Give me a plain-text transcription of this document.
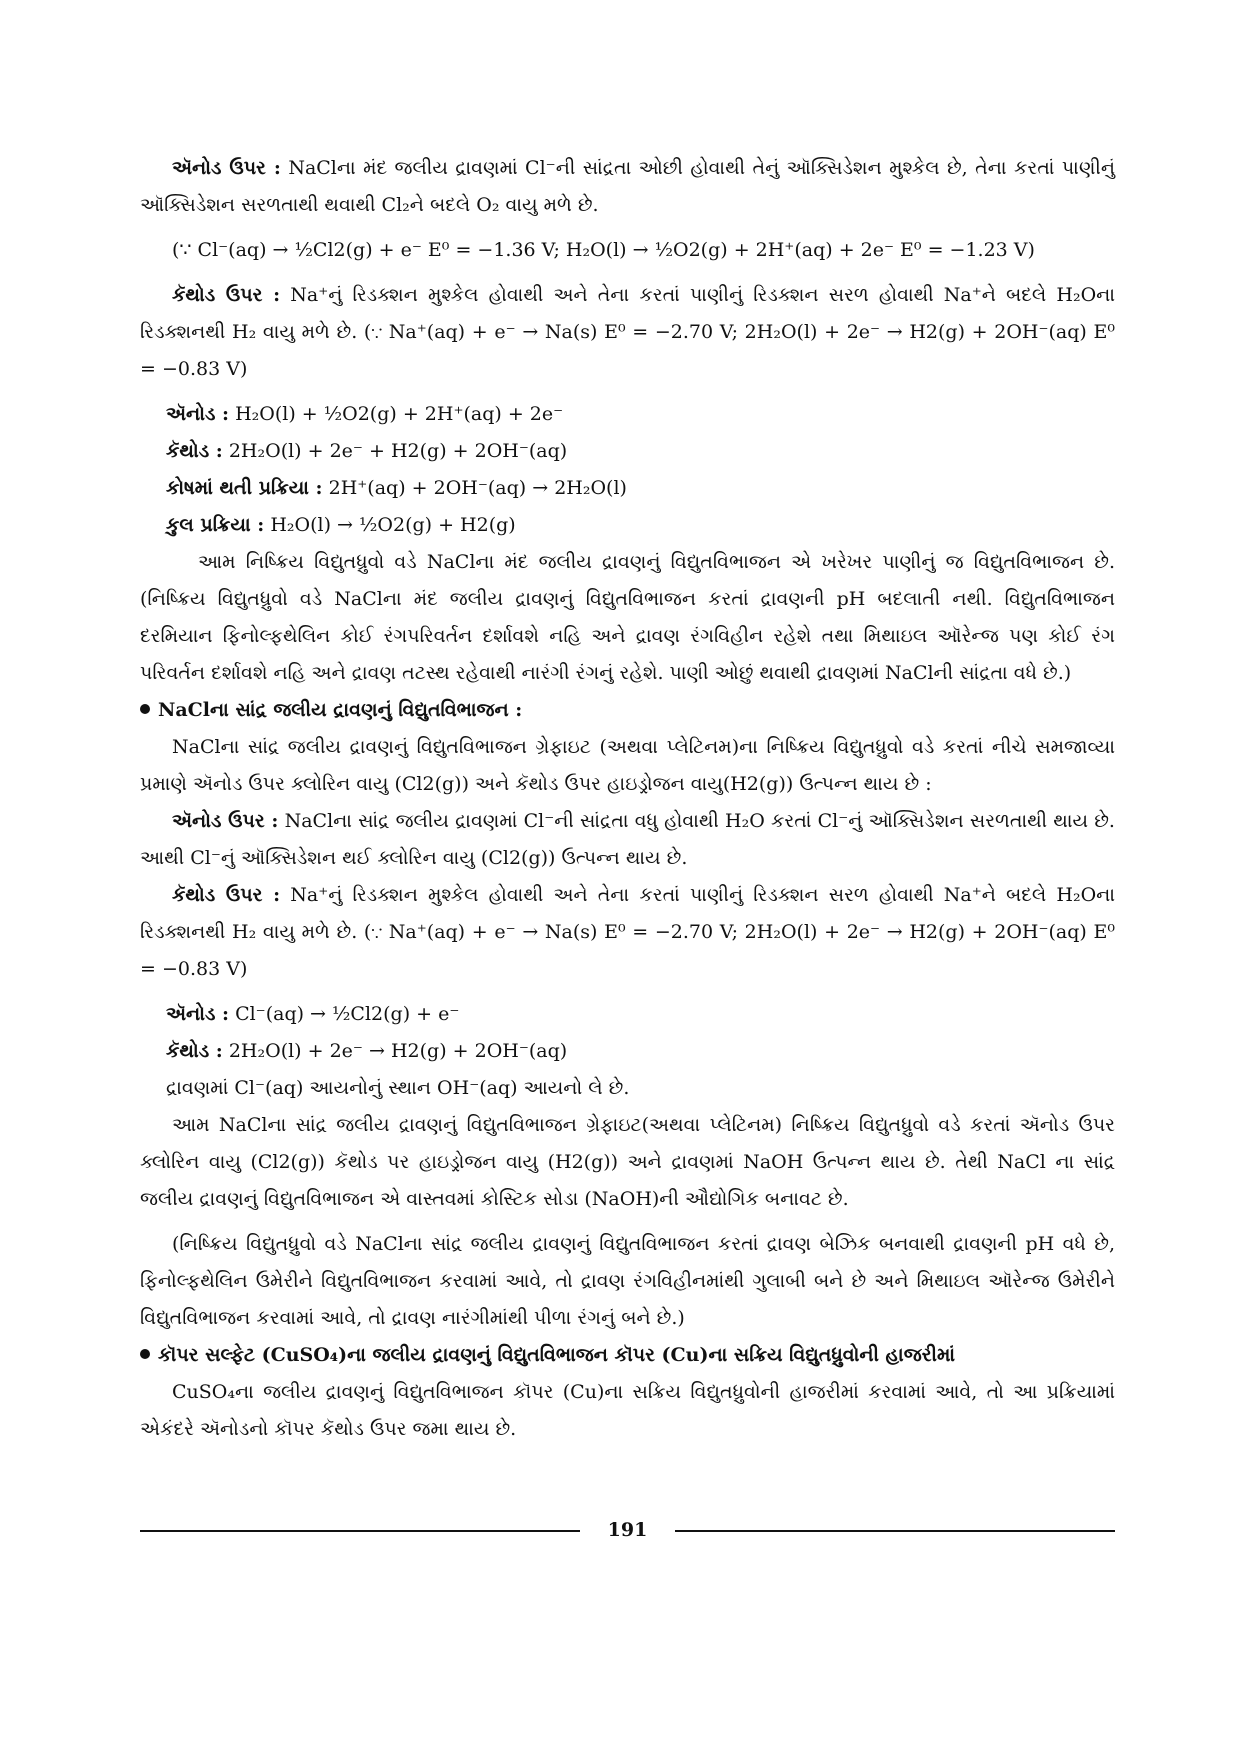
ઍનોડ ઉપર : NaClના મંદ જલીય દ્રાવણમાં Cl⁻ની સાંદ્રતા ઓછી હોવાથી તેનું ઑક્સિડેશન મુશ્કેલ છે, તેના કરતાં પાણીનું ઑક્સિડેશન સરળતાથી થવાથી Cl₂ને બદલે O₂ વાયુ મળે છે.

(∵ Cl⁻(aq) → ½Cl2(g) + e⁻ E⁰ = −1.36 V; H₂O(l) → ½O2(g) + 2H⁺(aq) + 2e⁻ E⁰ = −1.23 V)

કૅથોડ ઉપર : Na⁺નું રિડક્શન મુશ્કેલ હોવાથી અને તેના કરતાં પાણીનું રિડક્શન સરળ હોવાથી Na⁺ને બદલે H₂Oના રિડક્શનથી H₂ વાયુ મળે છે. (∵ Na⁺(aq) + e⁻ → Na(s) E⁰ = −2.70 V; 2H₂O(l) + 2e⁻ → H2(g) + 2OH⁻(aq) E⁰ = −0.83 V)

ઍનોડ : H₂O(l) + ½O2(g) + 2H⁺(aq) + 2e⁻

કૅથોડ : 2H₂O(l) + 2e⁻ + H2(g) + 2OH⁻(aq)

કોષમાં થતી પ્રક્રિયા : 2H⁺(aq) + 2OH⁻(aq) → 2H₂O(l)

કુલ પ્રક્રિયા : H₂O(l) → ½O2(g) + H2(g)

આમ નિષ્ક્રિય વિદ્યુતધ્રુવો વડે NaClના મંદ જલીય દ્રાવણનું વિદ્યુતવિભાજન એ ખરેખર પાણીનું જ વિદ્યુતવિભાજન છે. (નિષ્ક્રિય વિદ્યુતધ્રુવો વડે NaClના મંદ જલીય દ્રાવણનું વિદ્યુતવિભાજન કરતાં દ્રાવણની pH બદલાતી નથી. વિદ્યુતવિભાજન દરમિયાન ફિનોલ્ફથેલિન કોઈ રંગપરિવર્તન દર્શાવશે નહિ અને દ્રાવણ રંગવિહીન રહેશે તથા મિથાઇલ ઑરેન્જ પણ કોઈ રંગ પરિવર્તન દર્શાવશે નહિ અને દ્રાવણ તટસ્થ રહેવાથી નારંગી રંગનું રહેશે. પાણી ઓછું થવાથી દ્રાવણમાં NaClની સાંદ્રતા વધે છે.)

NaClના સાંદ્ર જલીય દ્રાવણનું વિદ્યુતવિભાજન :

NaClના સાંદ્ર જલીય દ્રાવણનું વિદ્યુતવિભાજન ગ્રેફાઇટ (અથવા પ્લેટિનમ)ના નિષ્ક્રિય વિદ્યુતધ્રુવો વડે કરતાં નીચે સમજાવ્યા પ્રમાણે ઍનોડ ઉપર ક્લોરિન વાયુ (Cl2(g)) અને કૅથોડ ઉપર હાઇડ્રોજન વાયુ(H2(g)) ઉત્પન્ન થાય છે :

ઍનોડ ઉપર : NaClના સાંદ્ર જલીય દ્રાવણમાં Cl⁻ની સાંદ્રતા વધુ હોવાથી H₂O કરતાં Cl⁻નું ઑક્સિડેશન સરળતાથી થાય છે. આથી Cl⁻નું ઑક્સિડેશન થઈ ક્લોરિન વાયુ (Cl2(g)) ઉત્પન્ન થાય છે.

કૅથોડ ઉપર : Na⁺નું રિડક્શન મુશ્કેલ હોવાથી અને તેના કરતાં પાણીનું રિડક્શન સરળ હોવાથી Na⁺ને બદલે H₂Oના રિડક્શનથી H₂ વાયુ મળે છે. (∵ Na⁺(aq) + e⁻ → Na(s) E⁰ = −2.70 V; 2H₂O(l) + 2e⁻ → H2(g) + 2OH⁻(aq) E⁰ = −0.83 V)

ઍનોડ : Cl⁻(aq) → ½Cl2(g) + e⁻

કૅથોડ : 2H₂O(l) + 2e⁻ → H2(g) + 2OH⁻(aq)

દ્રાવણમાં Cl⁻(aq) આયનોનું સ્થાન OH⁻(aq) આયનો લે છે.

આમ NaClના સાંદ્ર જલીય દ્રાવણનું વિદ્યુતવિભાજન ગ્રેફાઇટ(અથવા પ્લેટિનમ) નિષ્ક્રિય વિદ્યુતધ્રુવો વડે કરતાં ઍનોડ ઉપર ક્લોરિન વાયુ (Cl2(g)) કૅથોડ પર હાઇડ્રોજન વાયુ (H2(g)) અને દ્રાવણમાં NaOH ઉત્પન્ન થાય છે. તેથી NaCl ના સાંદ્ર જલીય દ્રાવણનું વિદ્યુતવિભાજન એ વાસ્તવમાં કોસ્ટિક સોડા (NaOH)ની ઔદ્યોગિક બનાવટ છે.

(નિષ્ક્રિય વિદ્યુતધ્રુવો વડે NaClના સાંદ્ર જલીય દ્રાવણનું વિદ્યુતવિભાજન કરતાં દ્રાવણ બેઝિક બનવાથી દ્રાવણની pH વધે છે, ફિનોલ્ફથેલિન ઉમેરીને વિદ્યુતવિભાજન કરવામાં આવે, તો દ્રાવણ રંગવિહીનમાંથી ગુલાબી બને છે અને મિથાઇલ ઑરેન્જ ઉમેરીને વિદ્યુતવિભાજન કરવામાં આવે, તો દ્રાવણ નારંગીમાંથી પીળા રંગનું બને છે.)

કૉપર સલ્ફેટ (CuSO₄)ના જલીય દ્રાવણનું વિદ્યુતવિભાજન કૉપર (Cu)ના સક્રિય વિદ્યુતધ્રુવોની હાજરીમાં

CuSO₄ના જલીય દ્રાવણનું વિદ્યુતવિભાજન કૉપર (Cu)ના સક્રિય વિદ્યુતધ્રુવોની હાજરીમાં કરવામાં આવે, તો આ પ્રક્રિયામાં એકંદરે ઍનોડનો કૉપર કૅથોડ ઉપર જમા થાય છે.

191
